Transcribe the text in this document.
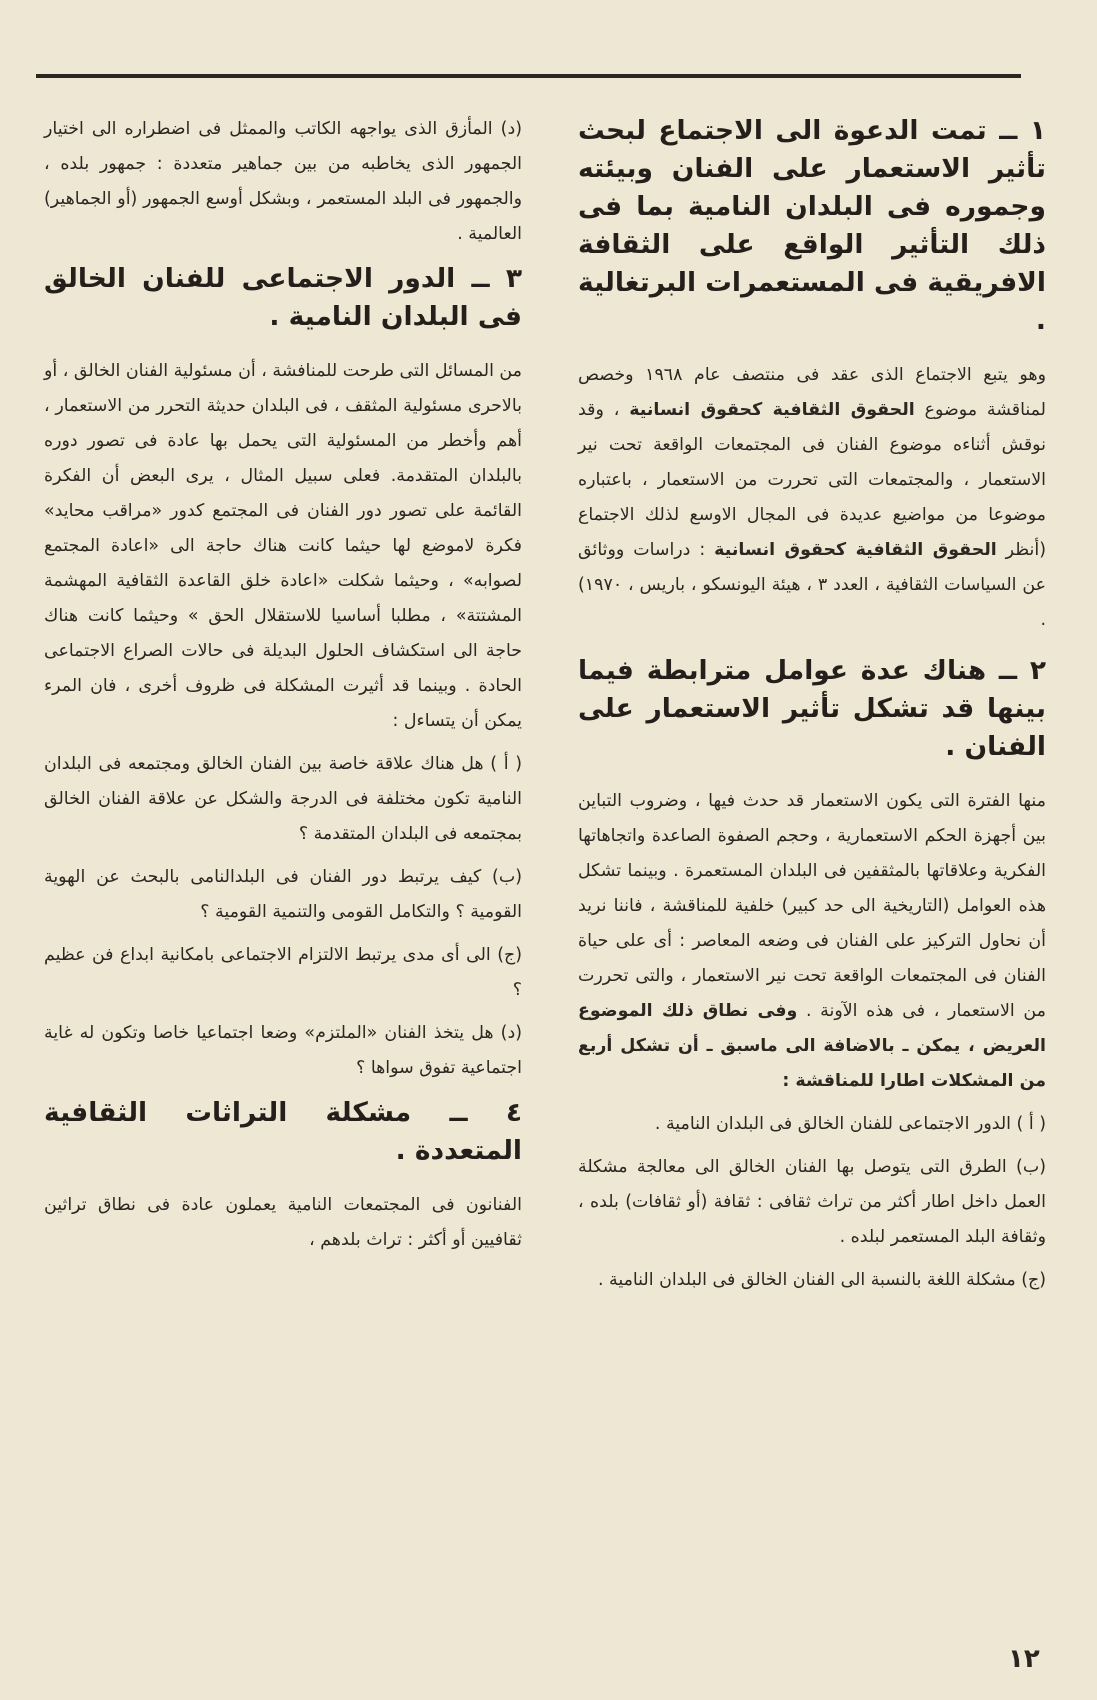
١ ــ تمت الدعوة الى الاجتماع لبحث تأثير الاستعمار على الفنان وبيئته وجموره فى البلدان النامية بما فى ذلك التأثير الواقع على الثقافة الافريقية فى المستعمرات البرتغالية .

وهو يتبع الاجتماع الذى عقد فى منتصف عام ١٩٦٨ وخصص لمناقشة موضوع الحقوق الثقافية كحقوق انسانية ، وقد نوقش أثناءه موضوع الفنان فى المجتمعات الواقعة تحت نير الاستعمار ، والمجتمعات التى تحررت من الاستعمار ، باعتباره موضوعا من مواضيع عديدة فى المجال الاوسع لذلك الاجتماع (أنظر الحقوق الثقافية كحقوق انسانية : دراسات ووثائق عن السياسات الثقافية ، العدد ٣ ، هيئة اليونسكو ، باريس ، ١٩٧٠) .

٢ ــ هناك عدة عوامل مترابطة فيما بينها قد تشكل تأثير الاستعمار على الفنان .

منها الفترة التى يكون الاستعمار قد حدث فيها ، وضروب التباين بين أجهزة الحكم الاستعمارية ، وحجم الصفوة الصاعدة واتجاهاتها الفكرية وعلاقاتها بالمثقفين فى البلدان المستعمرة . وبينما تشكل هذه العوامل (التاريخية الى حد كبير) خلفية للمناقشة ، فاننا نريد أن نحاول التركيز على الفنان فى وضعه المعاصر : أى على حياة الفنان فى المجتمعات الواقعة تحت نير الاستعمار ، والتى تحررت من الاستعمار ، فى هذه الآونة . وفى نطاق ذلك الموضوع العريض ، يمكن ـ بالاضافة الى ماسبق ـ أن تشكل أربع من المشكلات اطارا للمناقشة :

( أ ) الدور الاجتماعى للفنان الخالق فى البلدان النامية .

(ب) الطرق التى يتوصل بها الفنان الخالق الى معالجة مشكلة العمل داخل اطار أكثر من تراث ثقافى : ثقافة (أو ثقافات) بلده ، وثقافة البلد المستعمر لبلده .

(ج) مشكلة اللغة بالنسبة الى الفنان الخالق فى البلدان النامية .

(د) المأزق الذى يواجهه الكاتب والممثل فى اضطراره الى اختيار الجمهور الذى يخاطبه من بين جماهير متعددة : جمهور بلده ، والجمهور فى البلد المستعمر ، وبشكل أوسع الجمهور (أو الجماهير) العالمية .

٣ ــ الدور الاجتماعى للفنان الخالق فى البلدان النامية .

من المسائل التى طرحت للمنافشة ، أن مسئولية الفنان الخالق ، أو بالاحرى مسئولية المثقف ، فى البلدان حديثة التحرر من الاستعمار ، أهم وأخطر من المسئولية التى يحمل بها عادة فى تصور دوره بالبلدان المتقدمة. فعلى سبيل المثال ، يرى البعض أن الفكرة القائمة على تصور دور الفنان فى المجتمع كدور «مراقب محايد» فكرة لاموضع لها حيثما كانت هناك حاجة الى «اعادة المجتمع لصوابه» ، وحيثما شكلت «اعادة خلق القاعدة الثقافية المهشمة المشتتة» ، مطلبا أساسيا للاستقلال الحق » وحيثما كانت هناك حاجة الى استكشاف الحلول البديلة فى حالات الصراع الاجتماعى الحادة . وبينما قد أثيرت المشكلة فى ظروف أخرى ، فان المرء يمكن أن يتساءل :

( أ ) هل هناك علاقة خاصة بين الفنان الخالق ومجتمعه فى البلدان النامية تكون مختلفة فى الدرجة والشكل عن علاقة الفنان الخالق بمجتمعه فى البلدان المتقدمة ؟

(ب) كيف يرتبط دور الفنان فى البلدالنامى بالبحث عن الهوية القومية ؟ والتكامل القومى والتنمية القومية ؟

(ج) الى أى مدى يرتبط الالتزام الاجتماعى بامكانية ابداع فن عظيم ؟

(د) هل يتخذ الفنان «الملتزم» وضعا اجتماعيا خاصا وتكون له غاية اجتماعية تفوق سواها ؟

٤ ــ مشكلة التراثات الثقافية المتعددة .

الفنانون فى المجتمعات النامية يعملون عادة فى نطاق تراثين ثقافيين أو أكثر : تراث بلدهم ،

١٢
